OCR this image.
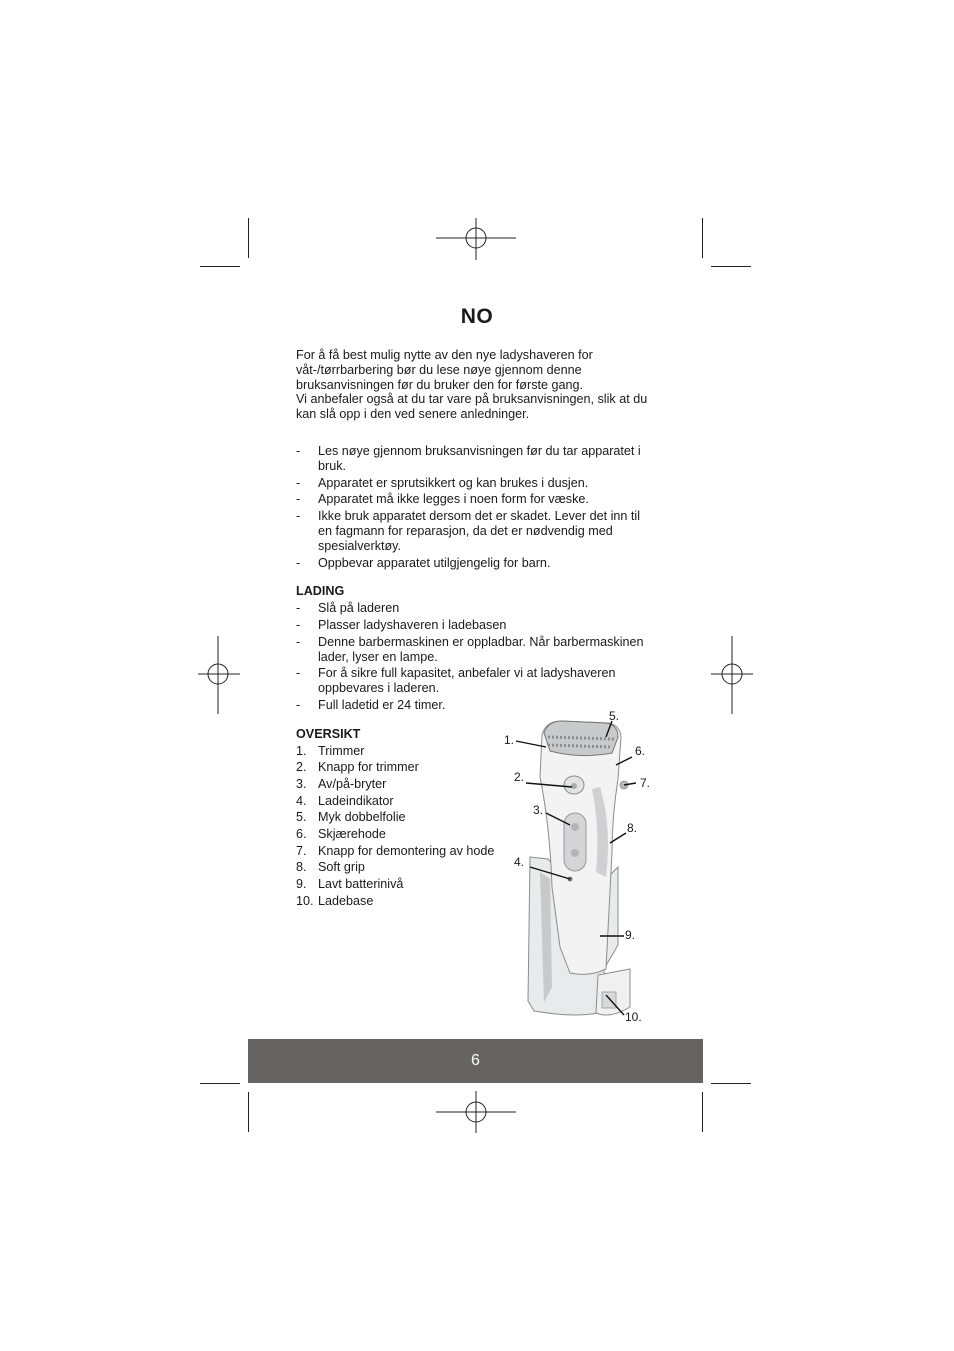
NO
For å få best mulig nytte av den nye ladyshaveren for
våt-/tørrbarbering bør du lese nøye gjennom denne
bruksanvisningen før du bruker den for første gang.
Vi anbefaler også at du tar vare på bruksanvisningen, slik at du
kan slå opp i den ved senere anledninger.
- Les nøye gjennom bruksanvisningen før du tar apparatet i bruk.
- Apparatet er sprutsikkert og kan brukes i dusjen.
- Apparatet må ikke legges i noen form for væske.
- Ikke bruk apparatet dersom det er skadet. Lever det inn til en fagmann for reparasjon, da det er nødvendig med spesialverktøy.
- Oppbevar apparatet utilgjengelig for barn.
LADING
- Slå på laderen
- Plasser ladyshaveren i ladebasen
- Denne barbermaskinen er oppladbar. Når barbermaskinen lader, lyser en lampe.
- For å sikre full kapasitet, anbefaler vi at ladyshaveren oppbevares i laderen.
- Full ladetid er 24 timer.
OVERSIKT
1. Trimmer
2. Knapp for trimmer
3. Av/på-bryter
4. Ladeindikator
5. Myk dobbelfolie
6. Skjærehode
7. Knapp for demontering av hode
8. Soft grip
9. Lavt batterinivå
10. Ladebase
1.
2.
3.
4.
5.
6.
7.
8.
9.
10.
6
